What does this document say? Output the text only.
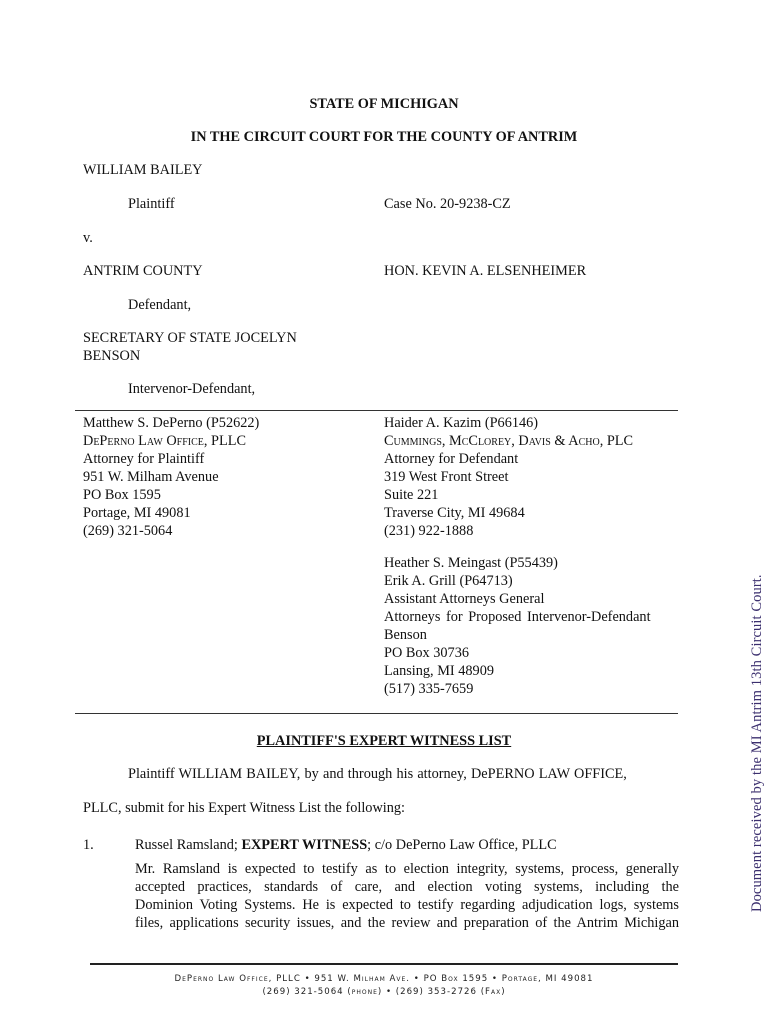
STATE OF MICHIGAN
IN THE CIRCUIT COURT FOR THE COUNTY OF ANTRIM
WILLIAM BAILEY
Plaintiff	Case No. 20-9238-CZ
v.
ANTRIM COUNTY	HON. KEVIN A. ELSENHEIMER
Defendant,
SECRETARY OF STATE JOCELYN
BENSON
Intervenor-Defendant,
Matthew S. DePerno (P52622)
DePerno Law Office, PLLC
Attorney for Plaintiff
951 W. Milham Avenue
PO Box 1595
Portage, MI 49081
(269) 321-5064
Haider A. Kazim (P66146)
Cummings, McClorey, Davis & Acho, PLC
Attorney for Defendant
319 West Front Street
Suite 221
Traverse City, MI 49684
(231) 922-1888
Heather S. Meingast (P55439)
Erik A. Grill (P64713)
Assistant Attorneys General
Attorneys for Proposed Intervenor-Defendant
Benson
PO Box 30736
Lansing, MI 48909
(517) 335-7659
PLAINTIFF'S EXPERT WITNESS LIST
Plaintiff WILLIAM BAILEY, by and through his attorney, DePERNO LAW OFFICE,
PLLC, submit for his Expert Witness List the following:
1.	Russel Ramsland; EXPERT WITNESS; c/o DePerno Law Office, PLLC
Mr. Ramsland is expected to testify as to election integrity, systems, process, generally
accepted practices, standards of care, and election voting systems, including the
Dominion Voting Systems. He is expected to testify regarding adjudication logs, systems
files, applications security issues, and the review and preparation of the Antrim Michigan
DePerno Law Office, PLLC • 951 W. Milham Ave. • PO Box 1595 • Portage, MI 49081
(269) 321-5064 (phone) • (269) 353-2726 (Fax)
Document received by the MI Antrim 13th Circuit Court.
